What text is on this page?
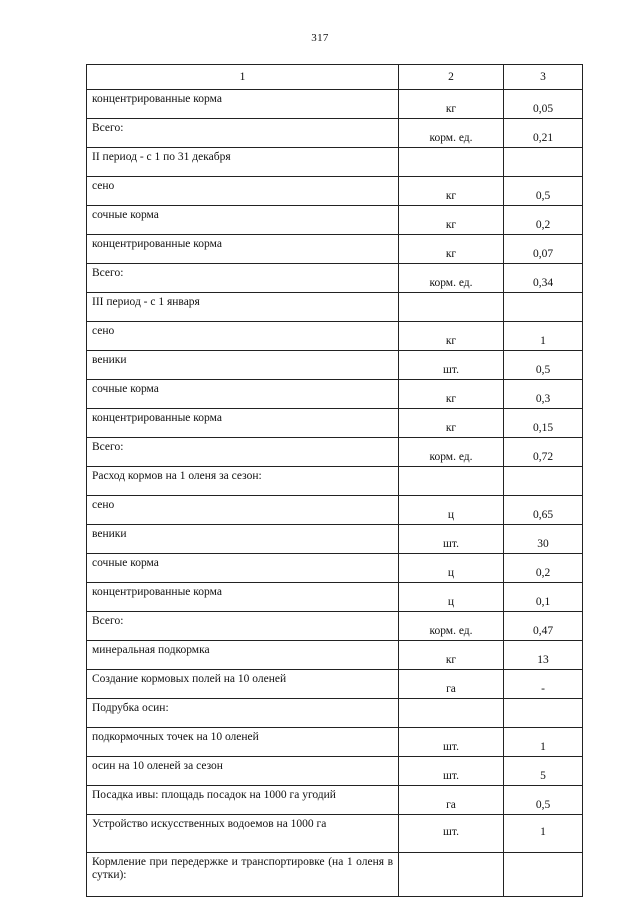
317
1	2	3
концентрированные корма	кг	0,05
Всего:	корм. ед.	0,21
II период - с 1 по 31 декабря		
сено	кг	0,5
сочные корма	кг	0,2
концентрированные корма	кг	0,07
Всего:	корм. ед.	0,34
III период - с 1 января		
сено	кг	1
веники	шт.	0,5
сочные корма	кг	0,3
концентрированные корма	кг	0,15
Всего:	корм. ед.	0,72
Расход кормов на 1 оленя за сезон:		
сено	ц	0,65
веники	шт.	30
сочные корма	ц	0,2
концентрированные корма	ц	0,1
Всего:	корм. ед.	0,47
минеральная подкормка	кг	13
Создание кормовых полей на 10 оленей	га	-
Подрубка осин:		
подкормочных точек на 10 оленей	шт.	1
осин на 10 оленей за сезон	шт.	5
Посадка ивы: площадь посадок на 1000 га угодий	га	0,5
Устройство искусственных водоемов на 1000 га	шт.	1
Кормление при передержке и транспортировке (на 1 оленя в сутки):		
